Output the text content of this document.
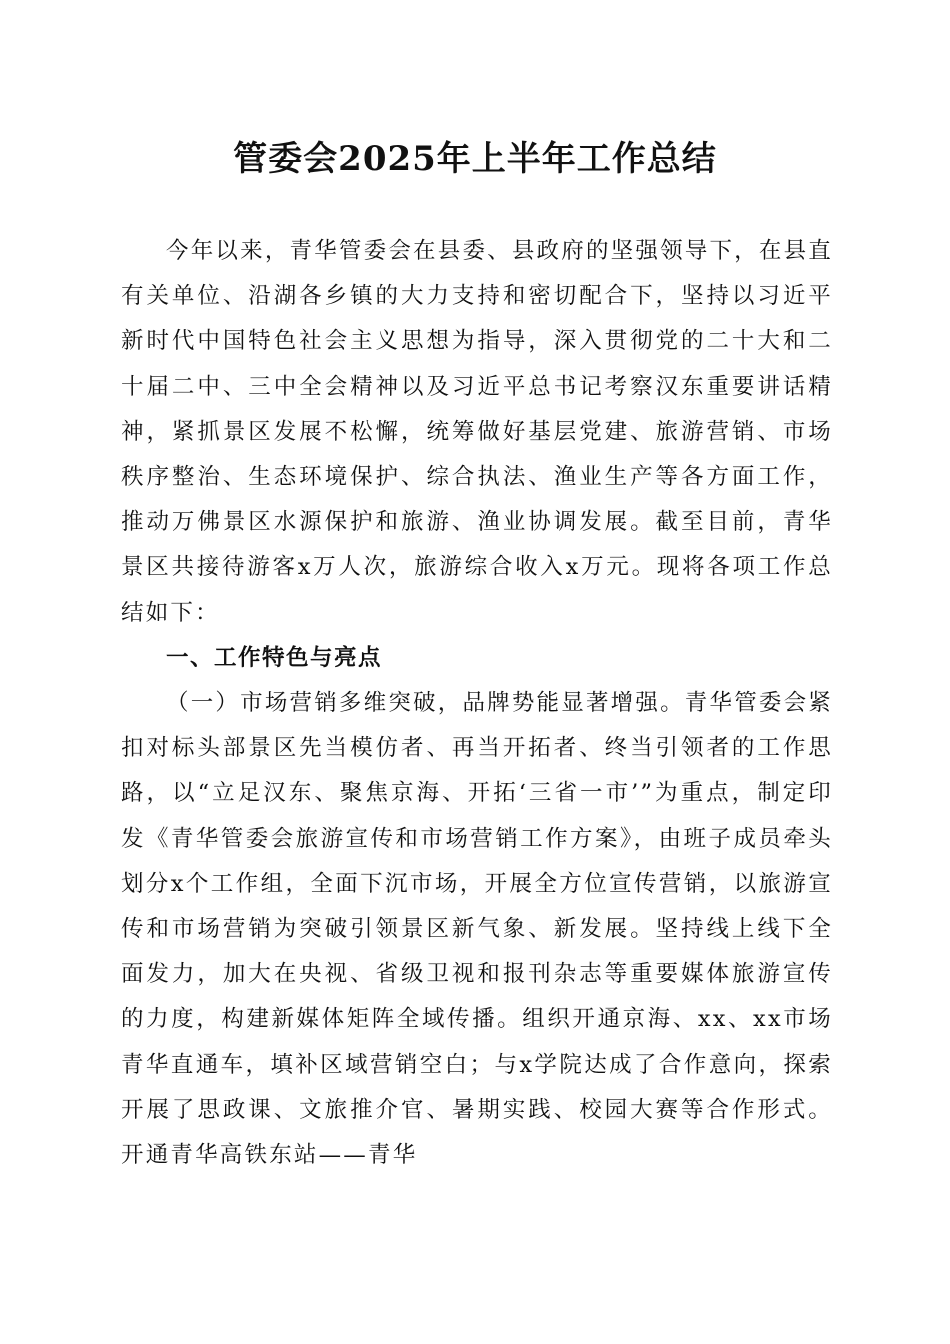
管委会2025年上半年工作总结

今年以来，青华管委会在县委、县政府的坚强领导下，在县直有关单位、沿湖各乡镇的大力支持和密切配合下，坚持以习近平新时代中国特色社会主义思想为指导，深入贯彻党的二十大和二十届二中、三中全会精神以及习近平总书记考察汉东重要讲话精神，紧抓景区发展不松懈，统筹做好基层党建、旅游营销、市场秩序整治、生态环境保护、综合执法、渔业生产等各方面工作，推动万佛景区水源保护和旅游、渔业协调发展。截至目前，青华景区共接待游客x万人次，旅游综合收入x万元。现将各项工作总结如下：

一、工作特色与亮点

（一）市场营销多维突破，品牌势能显著增强。青华管委会紧扣对标头部景区先当模仿者、再当开拓者、终当引领者的工作思路，以“立足汉东、聚焦京海、开拓‘三省一市’”为重点，制定印发《青华管委会旅游宣传和市场营销工作方案》，由班子成员牵头划分x个工作组，全面下沉市场，开展全方位宣传营销，以旅游宣传和市场营销为突破引领景区新气象、新发展。坚持线上线下全面发力，加大在央视、省级卫视和报刊杂志等重要媒体旅游宣传的力度，构建新媒体矩阵全域传播。组织开通京海、xx、xx市场青华直通车，填补区域营销空白；与x学院达成了合作意向，探索开展了思政课、文旅推介官、暑期实践、校园大赛等合作形式。开通青华高铁东站——青华
